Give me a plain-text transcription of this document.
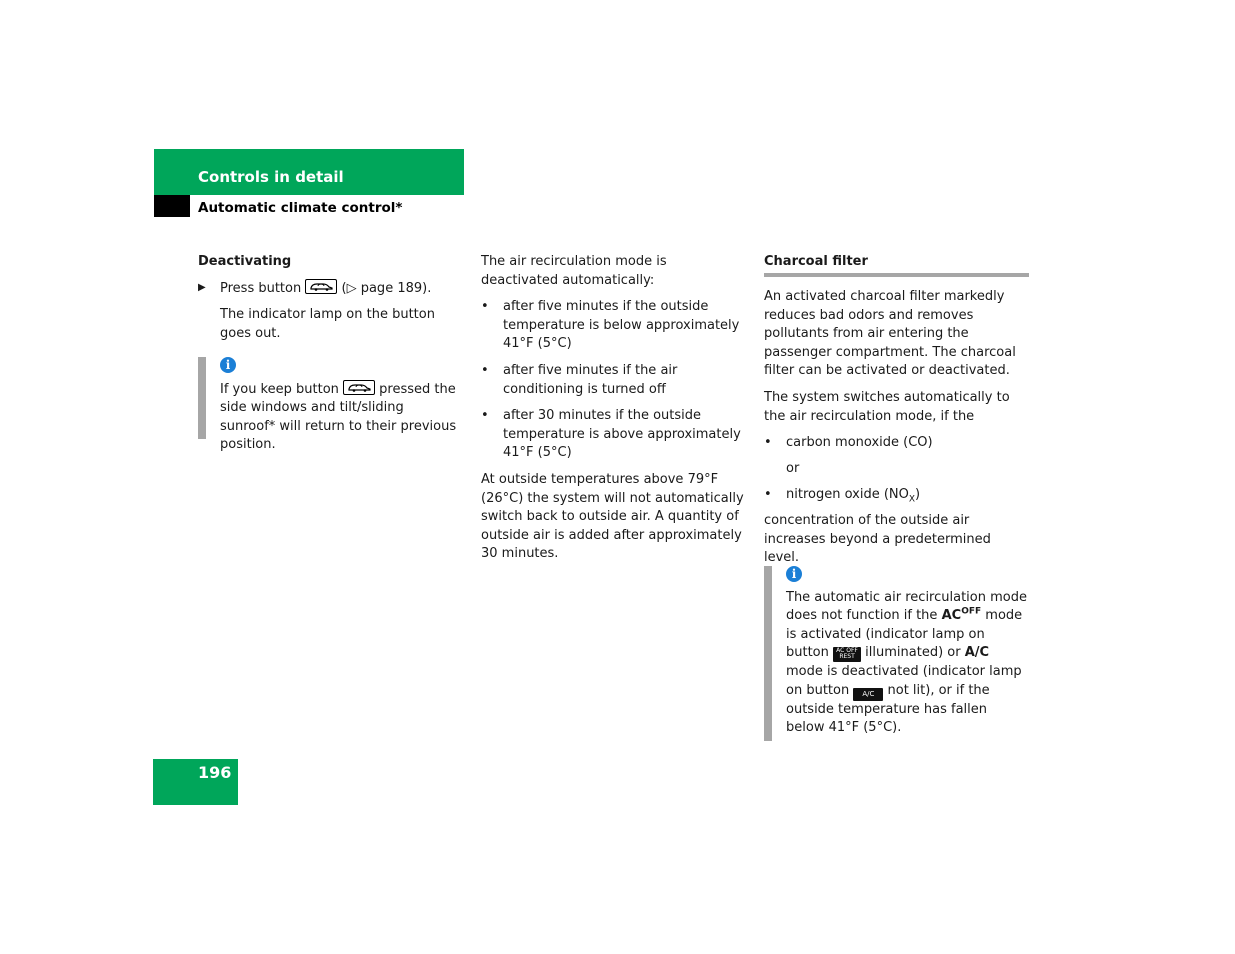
Controls in detail
Automatic climate control*

Deactivating

▶ Press button	(▷ page 189).

The indicator lamp on the button goes out.

i

If you keep button	pressed the side windows and tilt/sliding sunroof* will return to their previous position.

The air recirculation mode is deactivated automatically:

• after five minutes if the outside temperature is below approximately 41°F (5°C)
• after five minutes if the air conditioning is turned off
• after 30 minutes if the outside temperature is above approximately 41°F (5°C)

At outside temperatures above 79°F (26°C) the system will not automatically switch back to outside air. A quantity of outside air is added after approximately 30 minutes.

Charcoal filter

An activated charcoal filter markedly reduces bad odors and removes pollutants from air entering the passenger compartment. The charcoal filter can be activated or deactivated.

The system switches automatically to the air recirculation mode, if the

• carbon monoxide (CO)

or

• nitrogen oxide $(NO_X)$

concentration of the outside air increases beyond a predetermined level.

i

The automatic air recirculation mode does not function if the $AC^{OFF}$ mode is activated (indicator lamp on button AC OFF
REST illuminated) or A/C mode is deactivated (indicator lamp on button A/C not lit), or if the outside temperature has fallen below 41°F (5°C).

196
